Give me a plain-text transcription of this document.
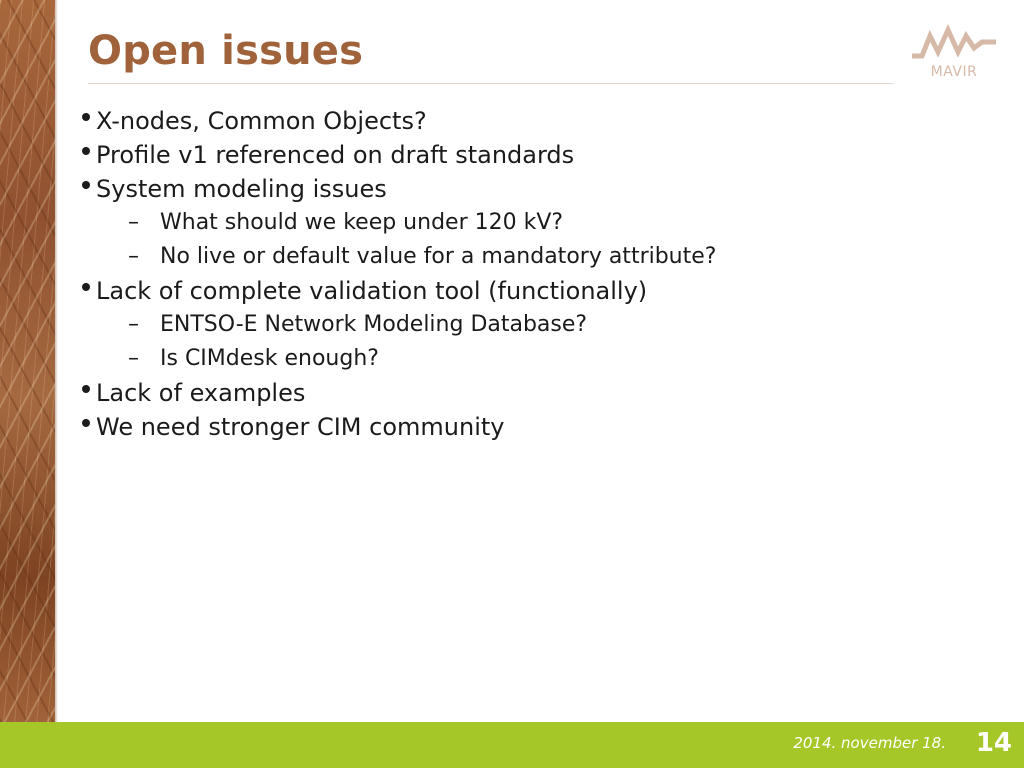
Open issues	MAVIR
X-nodes, Common Objects?
Profile v1 referenced on draft standards
System modeling issues
– What should we keep under 120 kV?
– No live or default value for a mandatory attribute?
Lack of complete validation tool (functionally)
– ENTSO-E Network Modeling Database?
– Is CIMdesk enough?
Lack of examples
We need stronger CIM community
2014. november 18. 14
